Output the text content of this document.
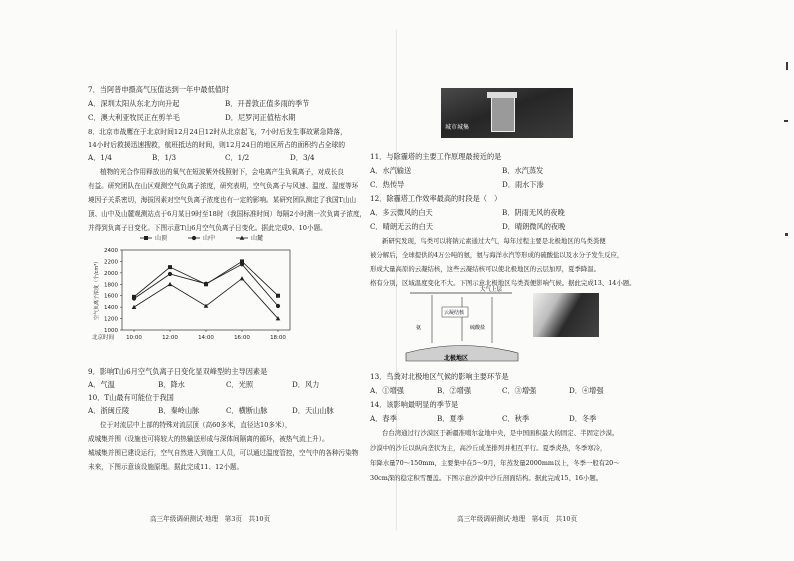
7．当阿普申摄高气压值达到一年中最低值时
A．深圳太阳从东北方向升起	B．开普敦正值多雨的季节
C．澳大利亚牧民正在剪羊毛	D．尼罗河正值枯水期
8．北京市战鹰在于北京时间12月24日12时从北京起飞，7小时后发生事故紧急降落，
14小时后救援迅速搜救，航班抵达的时间，则12月24日的地区所占的面积约占全球的
A．1/4	B．1/3	C．1/2	D．3/4
植物的光合作用释放出的氧气在短波紫外线照射下，会电离产生负氧离子，对成长良
有益。研究团队在山区观测空气负离子浓度，研究表明，空气负离子与风速、温度、湿度等环
境因子关系密切，海拔因素对空气负离子浓度也有一定的影响。某研究团队测定了我国T山山
顶、山中及山麓观测站点于6月某日9时至18时（我国标准时间）每隔2小时测一次负离子浓度，
并得到负离子日变化。下图示意T山6月空气负离子日变化。据此完成9、10小题。
山顶	山中	山麓
1000
1200
1400
1600
1800
2000
2200
2400
10:00	12:00	14:00	16:00	18:00
北京时间
空气负离子浓度（个/cm³）
9．影响T山6月空气负离子日变化显双峰型的主导因素是
A．气温	B．降水	C．光照	D．风力
10．T山最有可能位于我国
A．浙闽丘陵	B．秦岭山脉	C．横断山脉	D．天山山脉
位于对流层中上部的特殊对流层顶（高60多米，直径达10多米），
成城集并围（设施也可将较大的热输送形成与深体间隔离的循环，被热气流上升）。
城城集并围已建设运行，空气自然进入到施工人员，可以通过温度管控，空气中的各种污染物
未来，下图示意该设施原理。据此完成11、12小题。
高三年级调研测试·地理　第3页　共10页
城市城集
11．与除霾塔的主要工作原理最接近的是
A．水汽输送	B．水汽蒸发
C．热传导	D．雨水下渗
12．除霾塔工作效率最高的时段是（　）
A．多云微风的白天	B．阴雨无风的夜晚
C．晴朗无云的白天	D．晴朗微风的夜晚
新研究发现，鸟类可以将钠元素通过大气，每年过程主要是北极地区的鸟类粪便
被分解后，全球提供的4万公吨的氨，氨与海洋水汽等形成的硫酸盐以及水分子发生反应，
形成大量高原的云凝结核，这些云凝结核可以使北极地区的云层加厚，夏季降温。
格有分別，区域温度变化不大。下图示意北极地区鸟类粪便影响气候。据此完成13、14小题。
大气上层
云凝结核
氨	硫酸盐
北极地区
13．鸟粪对北极地区气候的影响主要环节是
A．①增强	B．②增强	C．③增强	D．④增强
14．该影响最明显的季节是
A．春季	B．夏季	C．秋季	D．冬季
台台湾通过行沙漠区于新疆准噶尔盆地中央，是中国面积最大的固定、半固定沙漠。
沙漠中的沙丘以纵向垄状为主，高沙丘成垄排列并相互平行。夏季炎热，冬季寒冷，
年降水量70～150mm，主要集中在5～9月，年蒸发量2000mm以上，冬季一般有20～
30cm深的稳定积雪覆盖。下图示意沙漠中沙丘剖面结构。据此完成15、16小题。
高三年级调研测试·地理　第4页　共10页
